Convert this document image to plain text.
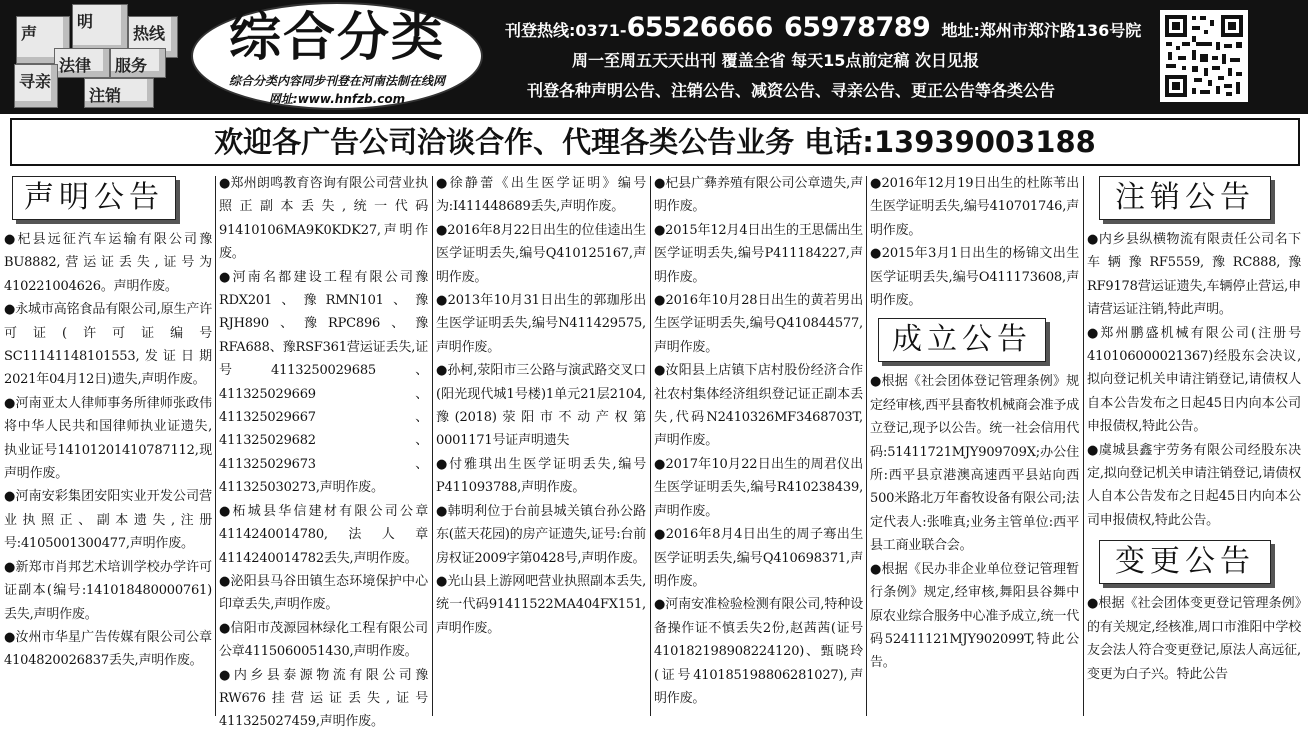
明
声	热线
法律 服务
寻亲
注销
综合分类
综合分类内容同步刊登在河南法制在线网
网址:www.hnfzb.com
刊登热线:0371-65526666 65978789 地址:郑州市郑汴路136号院
周一至周五天天出刊 覆盖全省 每天15点前定稿 次日见报
刊登各种声明公告、注销公告、减资公告、寻亲公告、更正公告等各类公告
欢迎各广告公司洽谈合作、代理各类公告业务 电话:13939003188
声明公告

●杞县远征汽车运输有限公司豫BU8882,营运证丢失,证号为410221004626。声明作废。

●永城市高铭食品有限公司,原生产许可证(许可证编号SC11141148101553,发证日期2021年04月12日)遗失,声明作废。

●河南亚太人律师事务所律师张政伟将中华人民共和国律师执业证遗失,执业证号14101201410787112,现声明作废。

●河南安彩集团安阳实业开发公司营业执照正、副本遗失,注册号:4105001300477,声明作废。

●新郑市肖邦艺术培训学校办学许可证副本(编号:141018480000761)丢失,声明作废。

●汝州市华星广告传媒有限公司公章4104820026837丢失,声明作废。

●郑州朗鸣教育咨询有限公司营业执照正副本丢失,统一代码91410106MA9K0KDK27,声明作废。

●河南名都建设工程有限公司豫RDX201、豫RMN101、豫RJH890、豫RPC896、豫RFA688、豫RSF361营运证丢失,证号4113250029685、411325029669、411325029667、411325029682、411325029673、411325030273,声明作废。

●柘城县华信建材有限公司公章4114240014780,法人章4114240014782丢失,声明作废。

●泌阳县马谷田镇生态环境保护中心印章丢失,声明作废。

●信阳市茂源园林绿化工程有限公司公章4115060051430,声明作废。

●内乡县泰源物流有限公司豫RW676挂营运证丢失,证号411325027459,声明作废。

●徐静蕾《出生医学证明》编号为:I411448689丢失,声明作废。

●2016年8月22日出生的位佳逵出生医学证明丢失,编号Q410125167,声明作废。

●2013年10月31日出生的郭珈彤出生医学证明丢失,编号N411429575,声明作废。

●孙柯,荥阳市三公路与演武路交叉口(阳光现代城1号楼)1单元21层2104,豫(2018)荥阳市不动产权第0001171号证声明遗失

●付雅琪出生医学证明丢失,编号P411093788,声明作废。

●韩明利位于台前县城关镇台孙公路东(蓝天花园)的房产证遗失,证号:台前房权证2009字第0428号,声明作废。

●光山县上游网吧营业执照副本丢失,统一代码91411522MA404FX151,声明作废。

●杞县广彝养殖有限公司公章遗失,声明作废。

●2015年12月4日出生的王思儒出生医学证明丢失,编号P411184227,声明作废。

●2016年10月28日出生的黄若男出生医学证明丢失,编号Q410844577,声明作废。

●汝阳县上店镇下店村股份经济合作社农村集体经济组织登记证正副本丢失,代码N2410326MF3468703T,声明作废。

●2017年10月22日出生的周君仪出生医学证明丢失,编号R410238439,声明作废。

●2016年8月4日出生的周子骞出生医学证明丢失,编号Q410698371,声明作废。

●河南安准检验检测有限公司,特种设备操作证不慎丢失2份,赵茜茜(证号410182198908224120)、甄晓玲(证号410185198806281027),声明作废。

●2016年12月19日出生的杜陈苇出生医学证明丢失,编号410701746,声明作废。

●2015年3月1日出生的杨锦文出生医学证明丢失,编号O411173608,声明作废。

成立公告

●根据《社会团体登记管理条例》规定经审核,西平县畜牧机械商会准予成立登记,现予以公告。统一社会信用代码:51411721MJY909709X;办公住所:西平县京港澳高速西平县站向西500米路北万年畜牧设备有限公司;法定代表人:张唯真;业务主管单位:西平县工商业联合会。

●根据《民办非企业单位登记管理暂行条例》规定,经审核,舞阳县谷舞中原农业综合服务中心准予成立,统一代码52411121MJY902099T,特此公告。

注销公告

●内乡县纵横物流有限责任公司名下车辆豫RF5559,豫RC888,豫RF9178营运证遗失,车辆停止营运,申请营运证注销,特此声明。

●郑州鹏盛机械有限公司(注册号410106000021367)经股东会决议,拟向登记机关申请注销登记,请债权人自本公告发布之日起45日内向本公司申报债权,特此公告。

●虞城县鑫宇劳务有限公司经股东决定,拟向登记机关申请注销登记,请债权人自本公告发布之日起45日内向本公司申报债权,特此公告。

变更公告

●根据《社会团体变更登记管理条例》的有关规定,经核准,周口市淮阳中学校友会法人符合变更登记,原法人高远征,变更为白子兴。特此公告
